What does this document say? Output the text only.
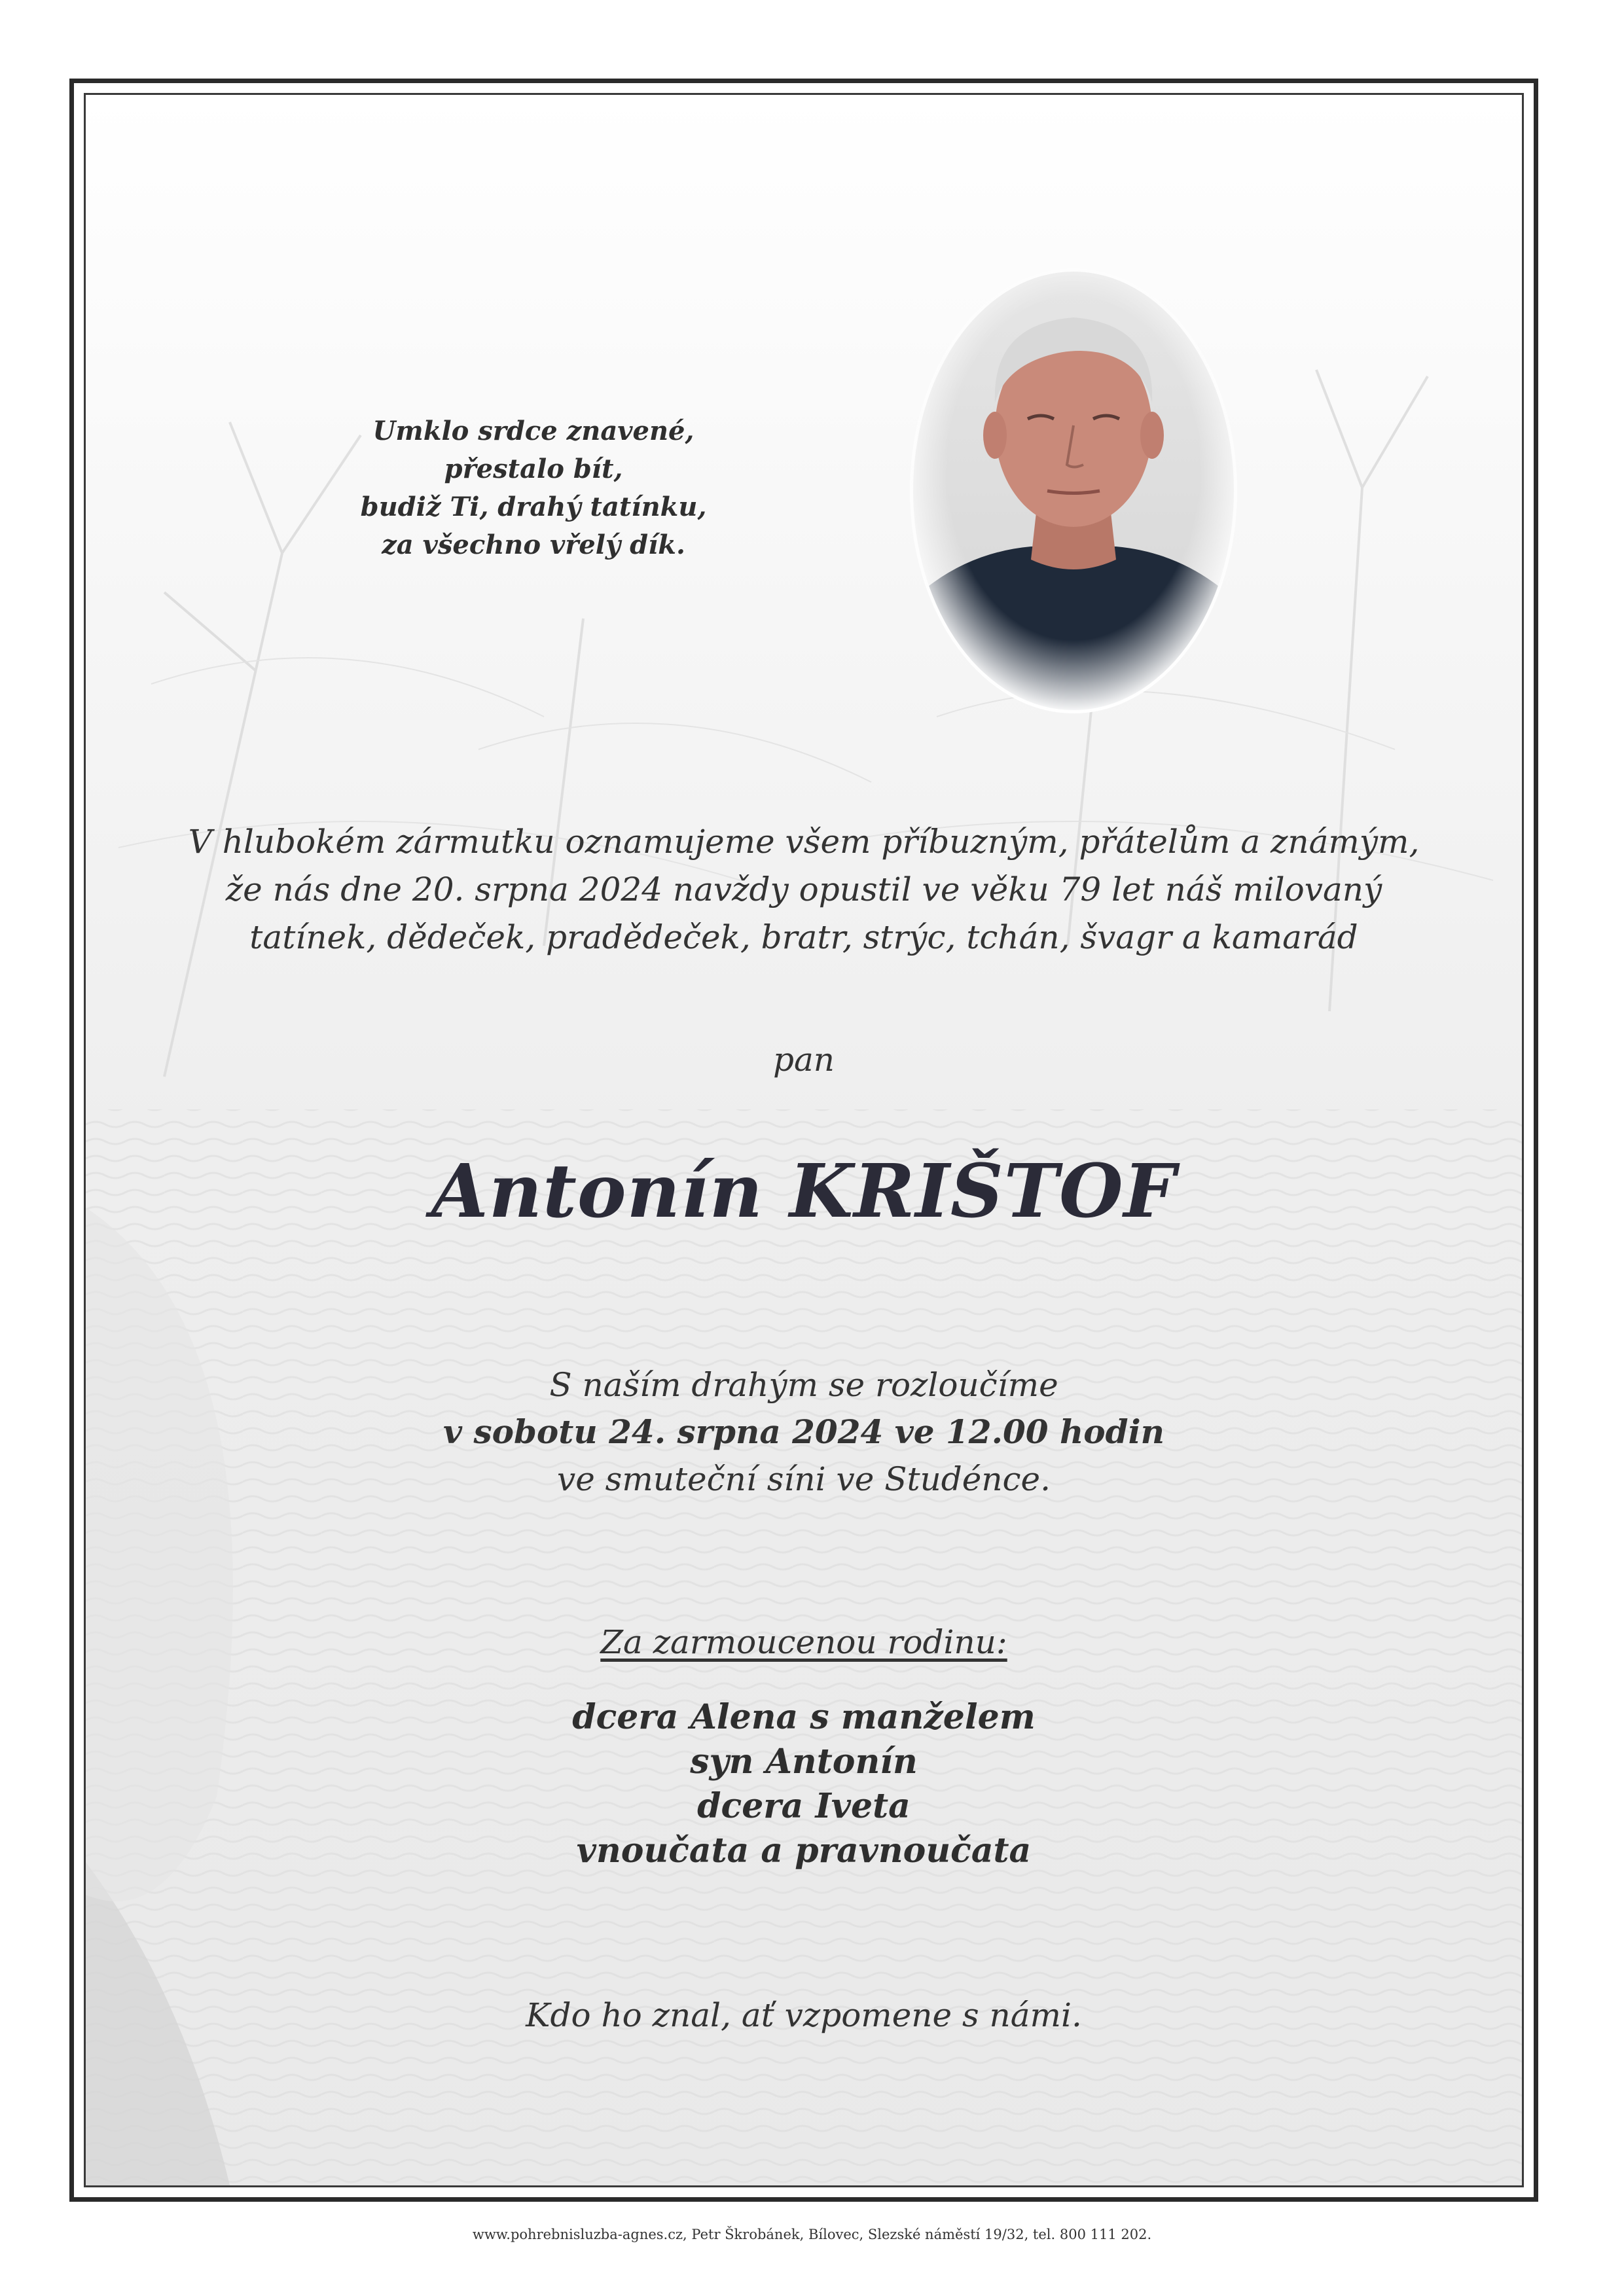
Umklo srdce znavené,
přestalo bít,
budiž Ti, drahý tatínku,
za všechno vřelý dík.
V hlubokém zármutku oznamujeme všem příbuzným, přátelům a známým,
že nás dne 20. srpna 2024 navždy opustil ve věku 79 let náš milovaný
tatínek, dědeček, pradědeček, bratr, strýc, tchán, švagr a kamarád
pan
Antonín KRIŠTOF
S naším drahým se rozloučíme
v sobotu 24. srpna 2024 ve 12.00 hodin
ve smuteční síni ve Studénce.
Za zarmoucenou rodinu:
dcera Alena s manželem
syn Antonín
dcera Iveta
vnoučata a pravnoučata
Kdo ho znal, ať vzpomene s námi.
www.pohrebnisluzba-agnes.cz, Petr Škrobánek, Bílovec, Slezské náměstí 19/32, tel. 800 111 202.
